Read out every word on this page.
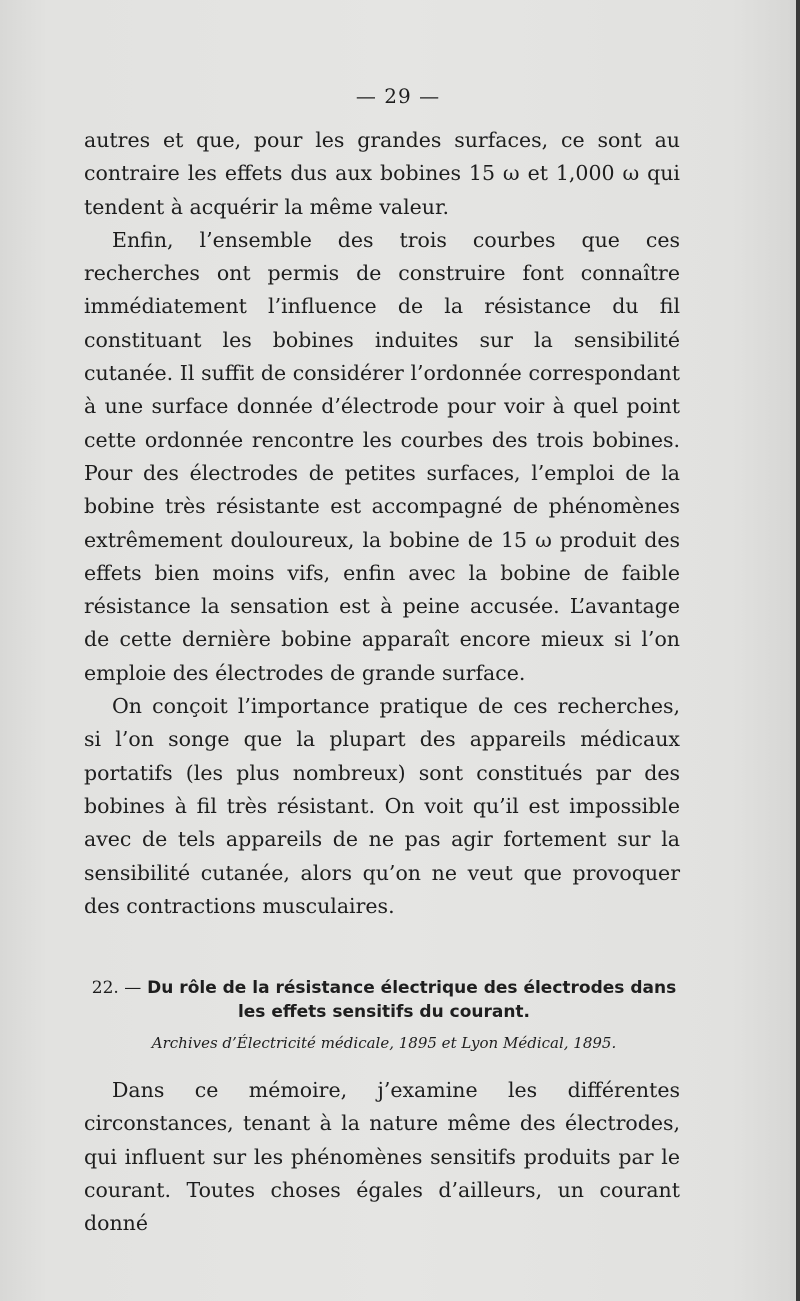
— 29 —

autres et que, pour les grandes surfaces, ce sont au contraire les effets dus aux bobines 15 ω et 1,000 ω qui tendent à acquérir la même valeur.

Enfin, l’ensemble des trois courbes que ces recherches ont permis de construire font connaître immédiatement l’influence de la résistance du fil constituant les bobines induites sur la sensibilité cutanée. Il suffit de considérer l’ordonnée correspondant à une surface donnée d’électrode pour voir à quel point cette ordonnée rencontre les courbes des trois bobines. Pour des électrodes de petites surfaces, l’emploi de la bobine très résistante est accompagné de phénomènes extrêmement douloureux, la bobine de 15 ω produit des effets bien moins vifs, enfin avec la bobine de faible résistance la sensation est à peine accusée. L’avantage de cette dernière bobine apparaît encore mieux si l’on emploie des électrodes de grande surface.

On conçoit l’importance pratique de ces recherches, si l’on songe que la plupart des appareils médicaux portatifs (les plus nombreux) sont constitués par des bobines à fil très résistant. On voit qu’il est impossible avec de tels appareils de ne pas agir fortement sur la sensibilité cutanée, alors qu’on ne veut que provoquer des contractions musculaires.

22. — Du rôle de la résistance électrique des électrodes dans les effets sensitifs du courant.

Archives d’Électricité médicale, 1895 et Lyon Médical, 1895.

Dans ce mémoire, j’examine les différentes circonstances, tenant à la nature même des électrodes, qui influent sur les phénomènes sensitifs produits par le courant. Toutes choses égales d’ailleurs, un courant donné
